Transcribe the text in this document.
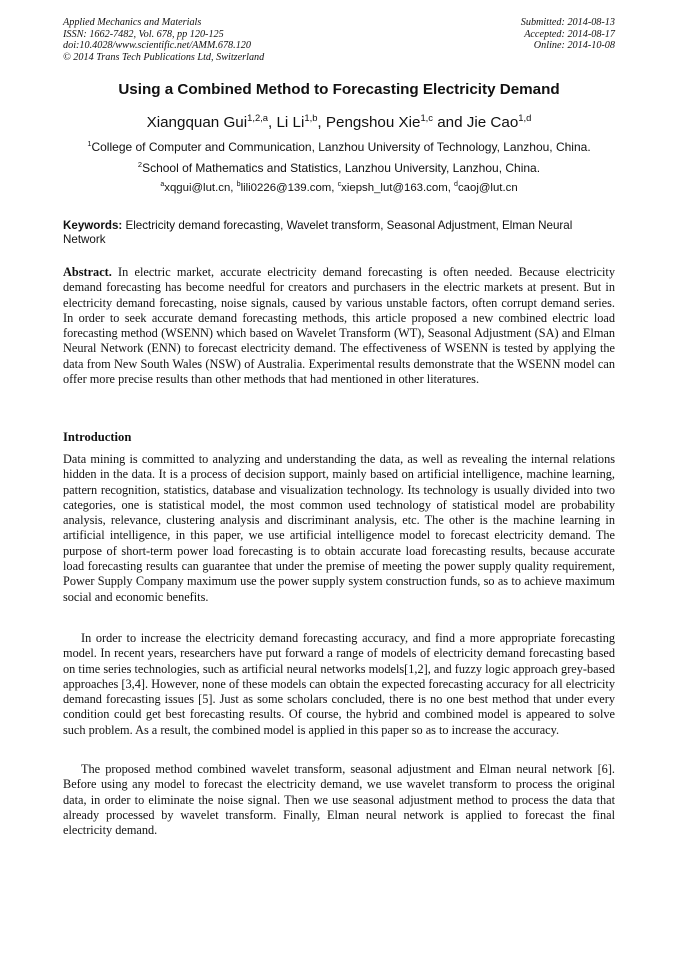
Applied Mechanics and Materials
ISSN: 1662-7482, Vol. 678, pp 120-125
doi:10.4028/www.scientific.net/AMM.678.120
© 2014 Trans Tech Publications Ltd, Switzerland
Submitted: 2014-08-13
Accepted: 2014-08-17
Online: 2014-10-08
Using a Combined Method to Forecasting Electricity Demand
Xiangquan Gui$^{1,2,a}$, Li Li$^{1,b}$, Pengshou Xie$^{1,c}$ and Jie Cao$^{1,d}$
$^1$College of Computer and Communication, Lanzhou University of Technology, Lanzhou, China.
$^2$School of Mathematics and Statistics, Lanzhou University, Lanzhou, China.
$^a$xqgui@lut.cn, $^b$lili0226@139.com, $^c$xiepsh_lut@163.com, $^d$caoj@lut.cn
Keywords: Electricity demand forecasting, Wavelet transform, Seasonal Adjustment, Elman Neural Network
Abstract. In electric market, accurate electricity demand forecasting is often needed. Because electricity demand forecasting has become needful for creators and purchasers in the electric markets at present. But in electricity demand forecasting, noise signals, caused by various unstable factors, often corrupt demand series. In order to seek accurate demand forecasting methods, this article proposed a new combined electric load forecasting method (WSENN) which based on Wavelet Transform (WT), Seasonal Adjustment (SA) and Elman Neural Network (ENN) to forecast electricity demand. The effectiveness of WSENN is tested by applying the data from New South Wales (NSW) of Australia. Experimental results demonstrate that the WSENN model can offer more precise results than other methods that had mentioned in other literatures.
Introduction
Data mining is committed to analyzing and understanding the data, as well as revealing the internal relations hidden in the data. It is a process of decision support, mainly based on artificial intelligence, machine learning, pattern recognition, statistics, database and visualization technology. Its technology is usually divided into two categories, one is statistical model, the most common used technology of statistical model are probability analysis, relevance, clustering analysis and discriminant analysis, etc. The other is the machine learning in artificial intelligence, in this paper, we use artificial intelligence model to forecast electricity demand. The purpose of short-term power load forecasting is to obtain accurate load forecasting results, because accurate load forecasting results can guarantee that under the premise of meeting the power supply quality requirement, Power Supply Company maximum use the power supply system construction funds, so as to achieve maximum social and economic benefits.
In order to increase the electricity demand forecasting accuracy, and find a more appropriate forecasting model. In recent years, researchers have put forward a range of models of electricity demand forecasting based on time series technologies, such as artificial neural networks models[1,2], and fuzzy logic approach grey-based approaches [3,4]. However, none of these models can obtain the expected forecasting accuracy for all electricity demand forecasting issues [5]. Just as some scholars concluded, there is no one best method that under every condition could get best forecasting results. Of course, the hybrid and combined model is appeared to solve such problem. As a result, the combined model is applied in this paper so as to increase the accuracy.
The proposed method combined wavelet transform, seasonal adjustment and Elman neural network [6]. Before using any model to forecast the electricity demand, we use wavelet transform to process the original data, in order to eliminate the noise signal. Then we use seasonal adjustment method to process the data that already processed by wavelet transform. Finally, Elman neural network is applied to forecast the final electricity demand.
